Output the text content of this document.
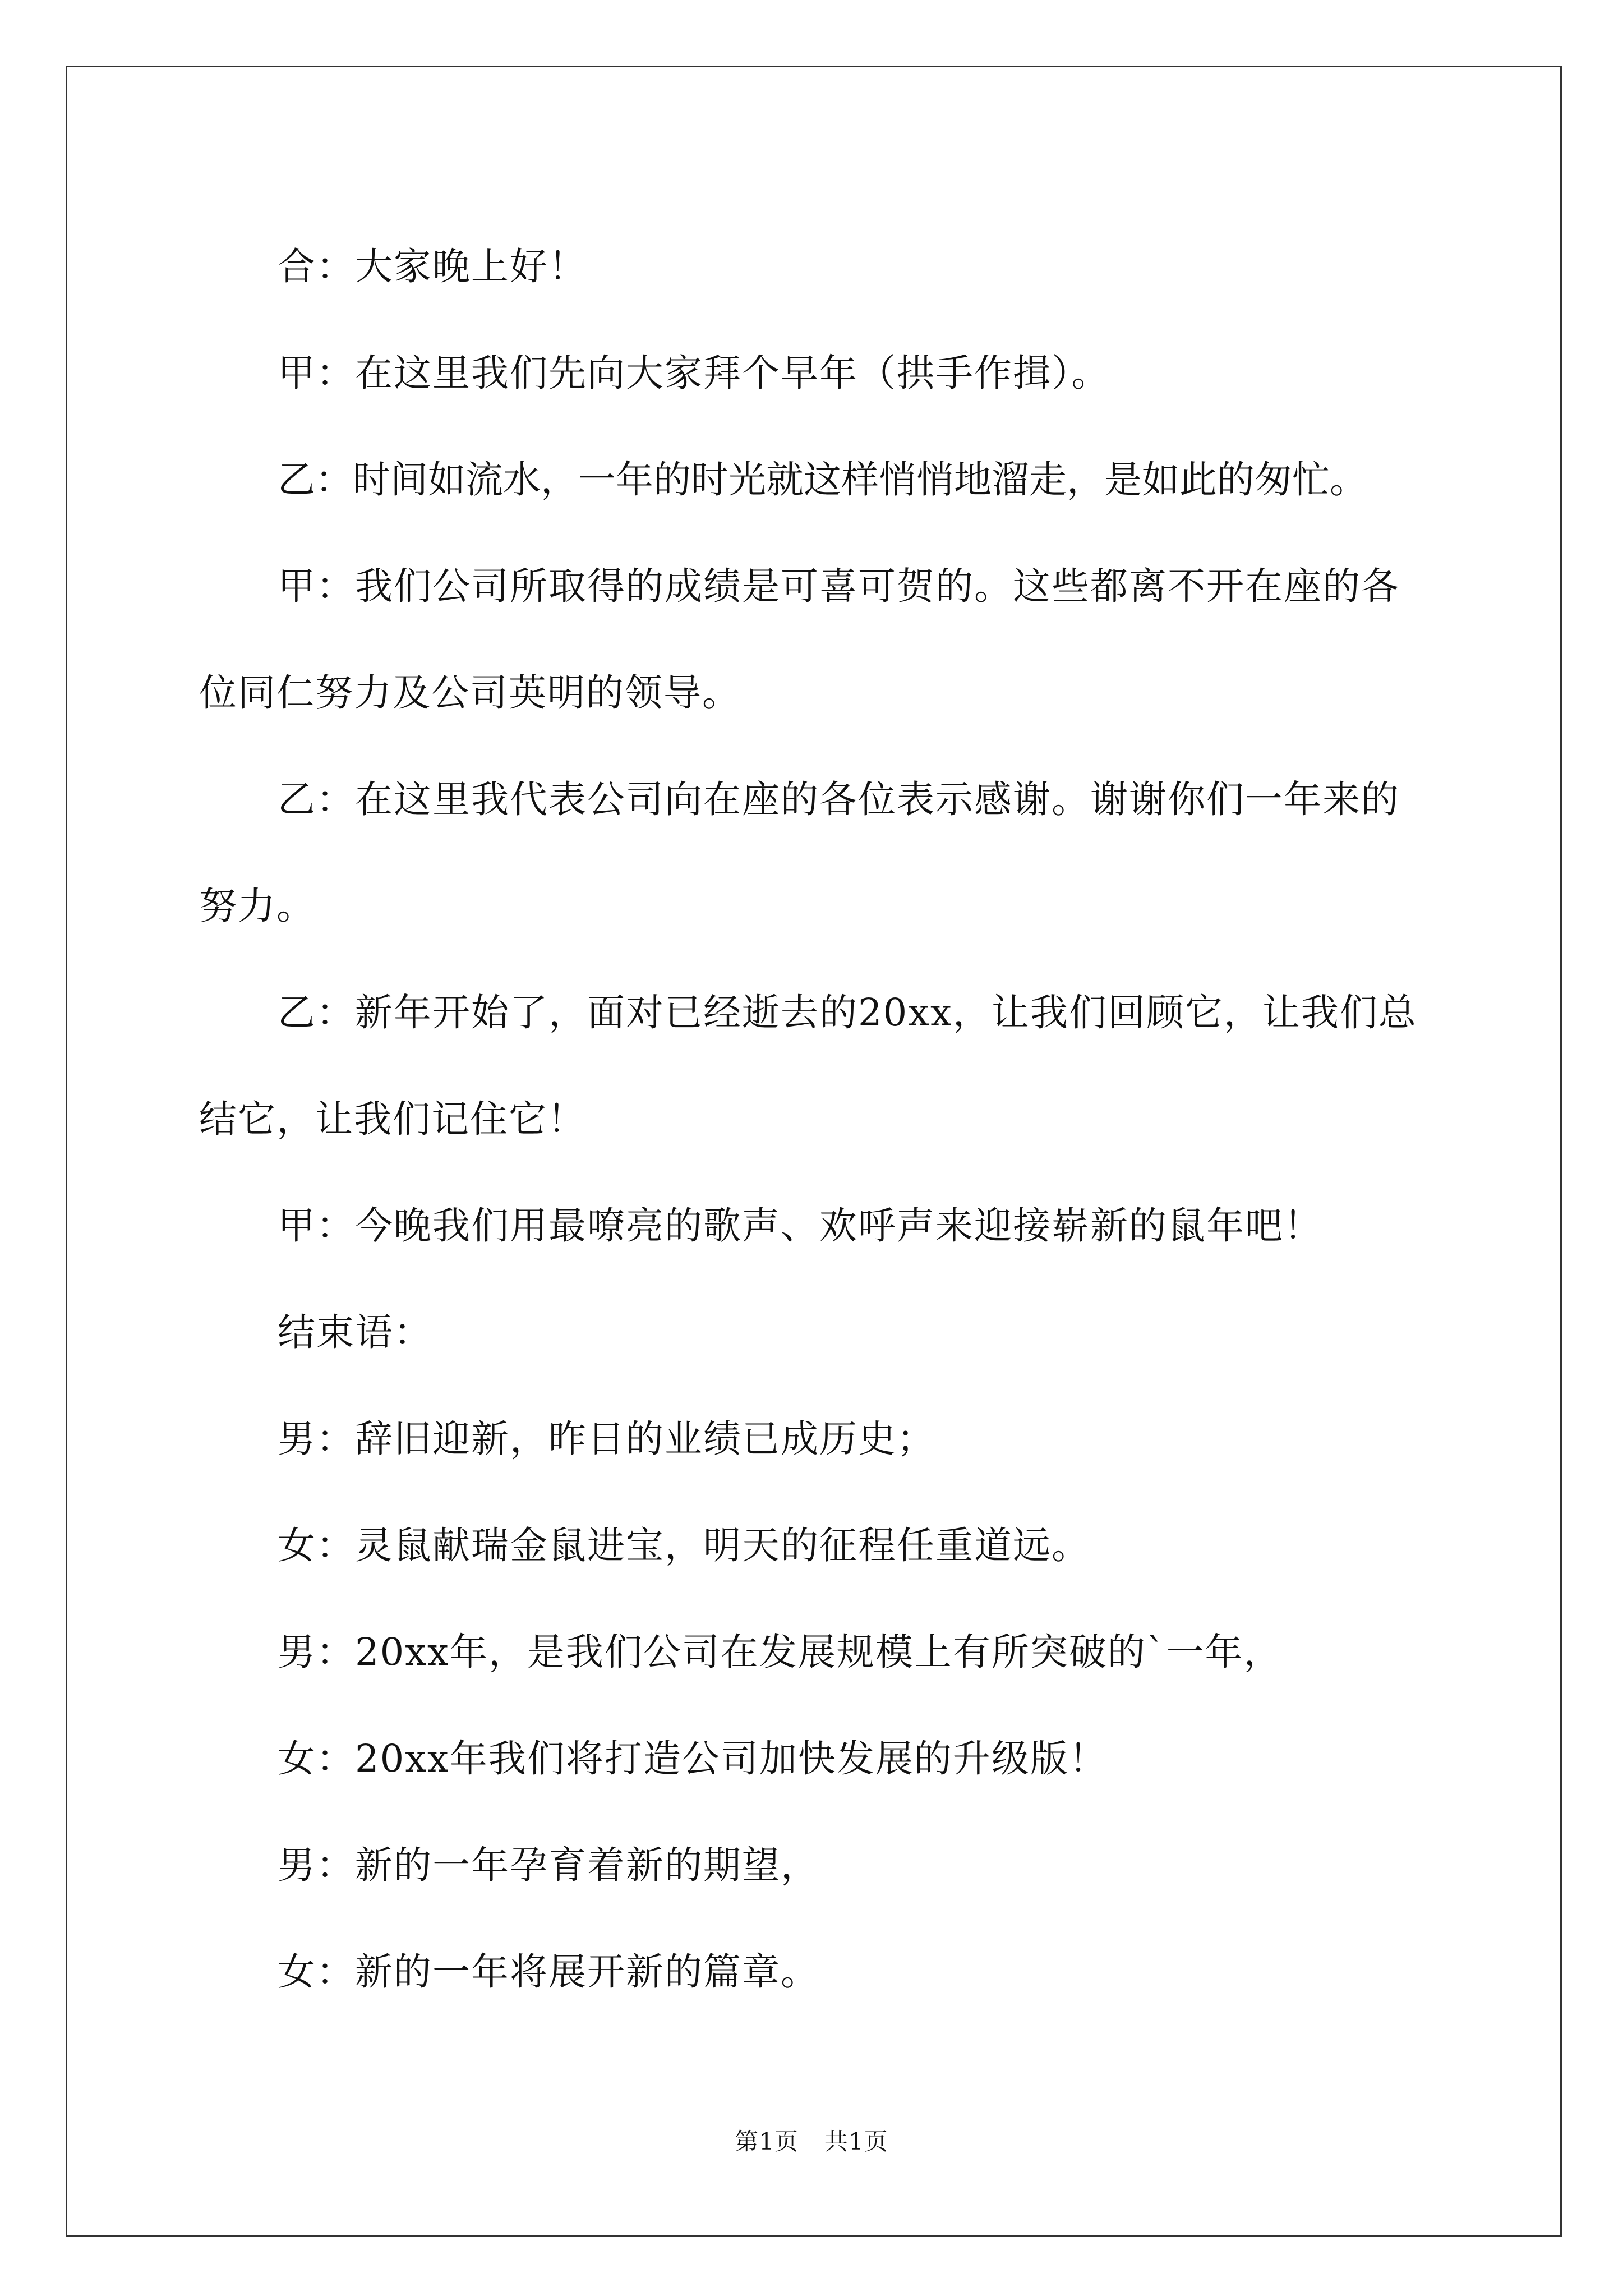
合：大家晚上好！

甲：在这里我们先向大家拜个早年（拱手作揖）。

乙：时间如流水，一年的时光就这样悄悄地溜走，是如此的匆忙。

甲：我们公司所取得的成绩是可喜可贺的。这些都离不开在座的各位同仁努力及公司英明的领导。

乙：在这里我代表公司向在座的各位表示感谢。谢谢你们一年来的努力。

乙：新年开始了，面对已经逝去的20xx，让我们回顾它，让我们总结它，让我们记住它！

甲：今晚我们用最嘹亮的歌声、欢呼声来迎接崭新的鼠年吧！

结束语：

男：辞旧迎新，昨日的业绩已成历史；

女：灵鼠献瑞金鼠进宝，明天的征程任重道远。

男：20xx年，是我们公司在发展规模上有所突破的`一年，

女：20xx年我们将打造公司加快发展的升级版！

男：新的一年孕育着新的期望，

女：新的一年将展开新的篇章。

第1页 共1页
